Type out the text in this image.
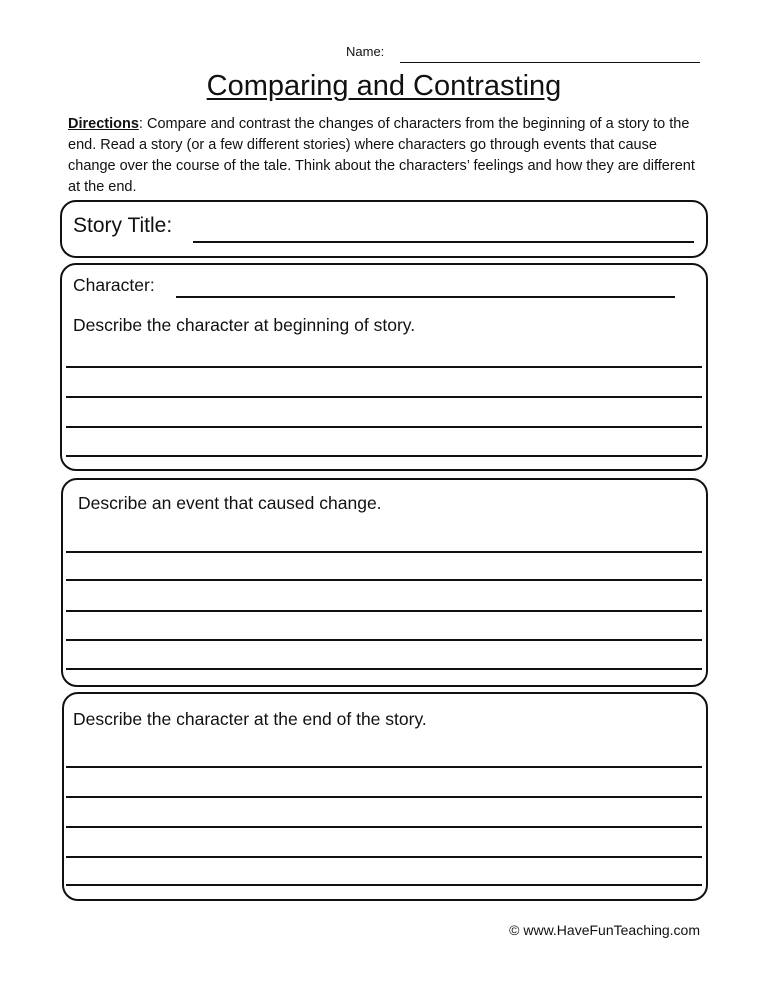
Name:
Comparing and Contrasting
Directions: Compare and contrast the changes of characters from the beginning of a story to the end. Read a story (or a few different stories) where characters go through events that cause change over the course of the tale. Think about the characters’ feelings and how they are different at the end.
Story Title:
Character:
Describe the character at beginning of story.
Describe an event that caused change.
Describe the character at the end of the story.
© www.HaveFunTeaching.com
